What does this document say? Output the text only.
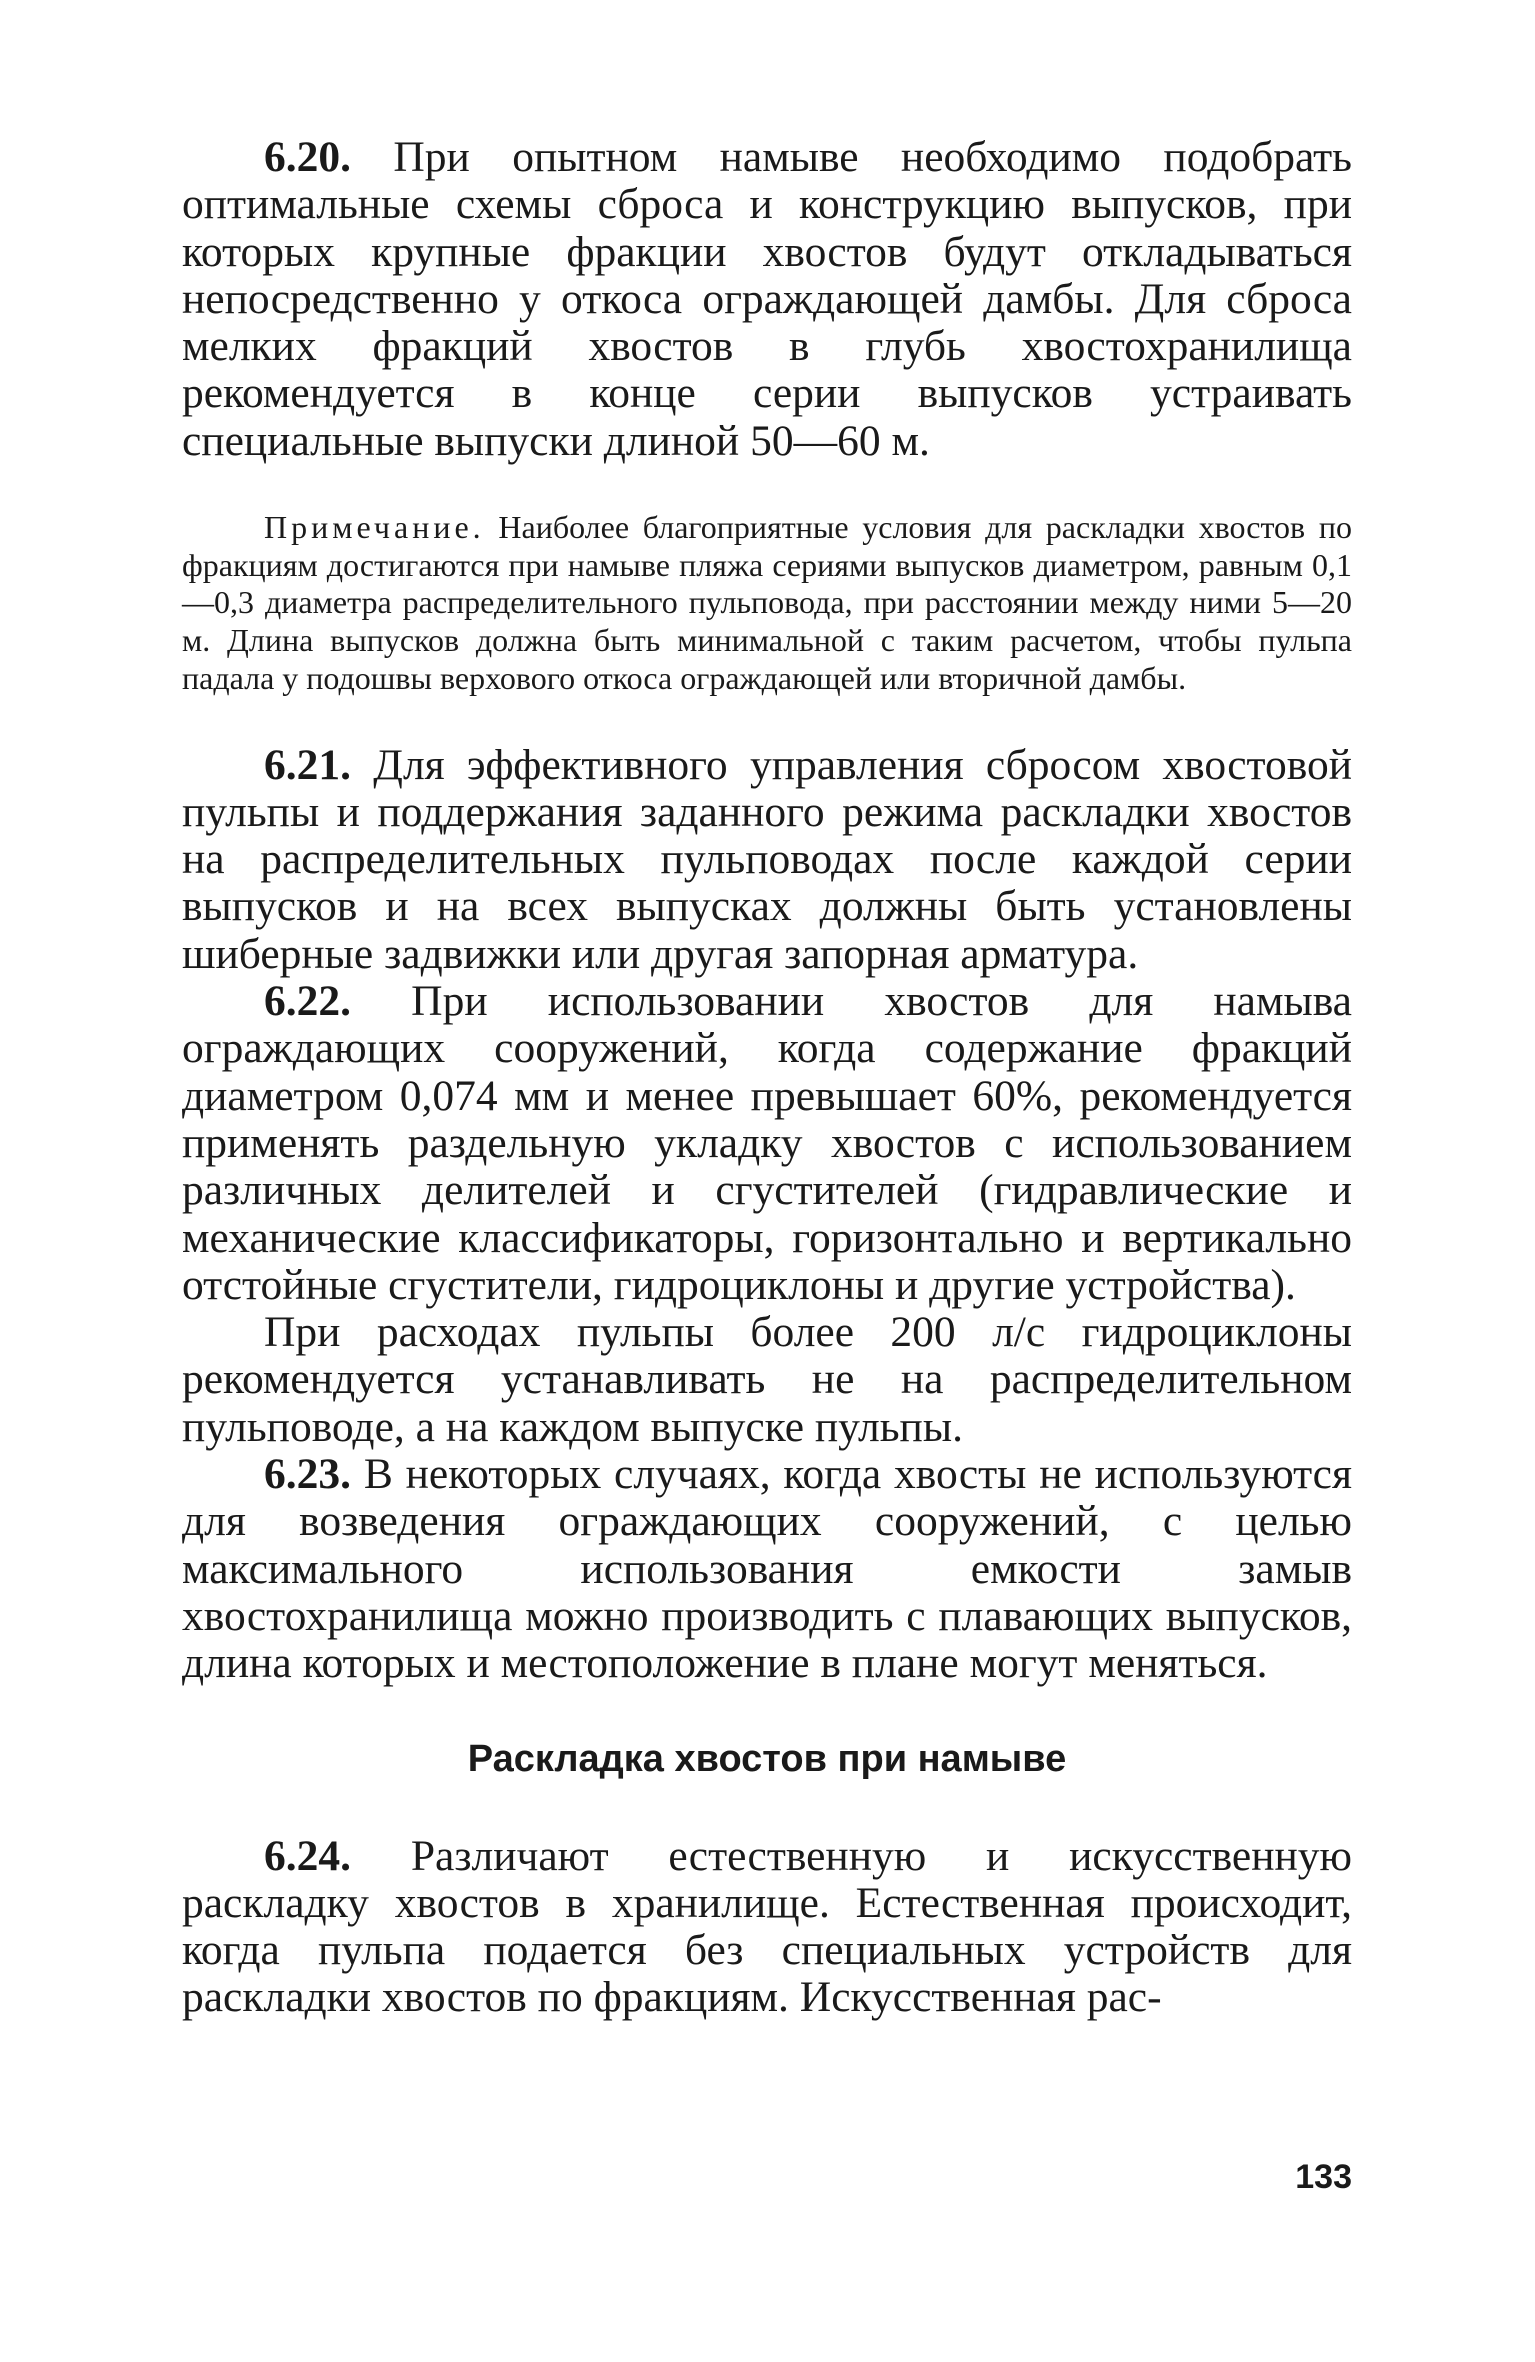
6.20. При опытном намыве необходимо подобрать оптимальные схемы сброса и конструкцию выпусков, при которых крупные фракции хвостов будут откладываться непосредственно у откоса ограждающей дамбы. Для сброса мелких фракций хвостов в глубь хвостохранилища рекомендуется в конце серии выпусков устраивать специальные выпуски длиной 50—60 м.

Примечание. Наиболее благоприятные условия для раскладки хвостов по фракциям достигаются при намыве пляжа сериями выпусков диаметром, равным 0,1—0,3 диаметра распределительного пульповода, при расстоянии между ними 5—20 м. Длина выпусков должна быть минимальной с таким расчетом, чтобы пульпа падала у подошвы верхового откоса ограждающей или вторичной дамбы.

6.21. Для эффективного управления сбросом хвостовой пульпы и поддержания заданного режима раскладки хвостов на распределительных пульповодах после каждой серии выпусков и на всех выпусках должны быть установлены шиберные задвижки или другая запорная арматура.

6.22. При использовании хвостов для намыва ограждающих сооружений, когда содержание фракций диаметром 0,074 мм и менее превышает 60%, рекомендуется применять раздельную укладку хвостов с использованием различных делителей и сгустителей (гидравлические и механические классификаторы, горизонтально и вертикально отстойные сгустители, гидроциклоны и другие устройства).

При расходах пульпы более 200 л/с гидроциклоны рекомендуется устанавливать не на распределительном пульповоде, а на каждом выпуске пульпы.

6.23. В некоторых случаях, когда хвосты не используются для возведения ограждающих сооружений, с целью максимального использования емкости замыв хвостохранилища можно производить с плавающих выпусков, длина которых и местоположение в плане могут меняться.

Раскладка хвостов при намыве

6.24. Различают естественную и искусственную раскладку хвостов в хранилище. Естественная происходит, когда пульпа подается без специальных устройств для раскладки хвостов по фракциям. Искусственная рас-

133
